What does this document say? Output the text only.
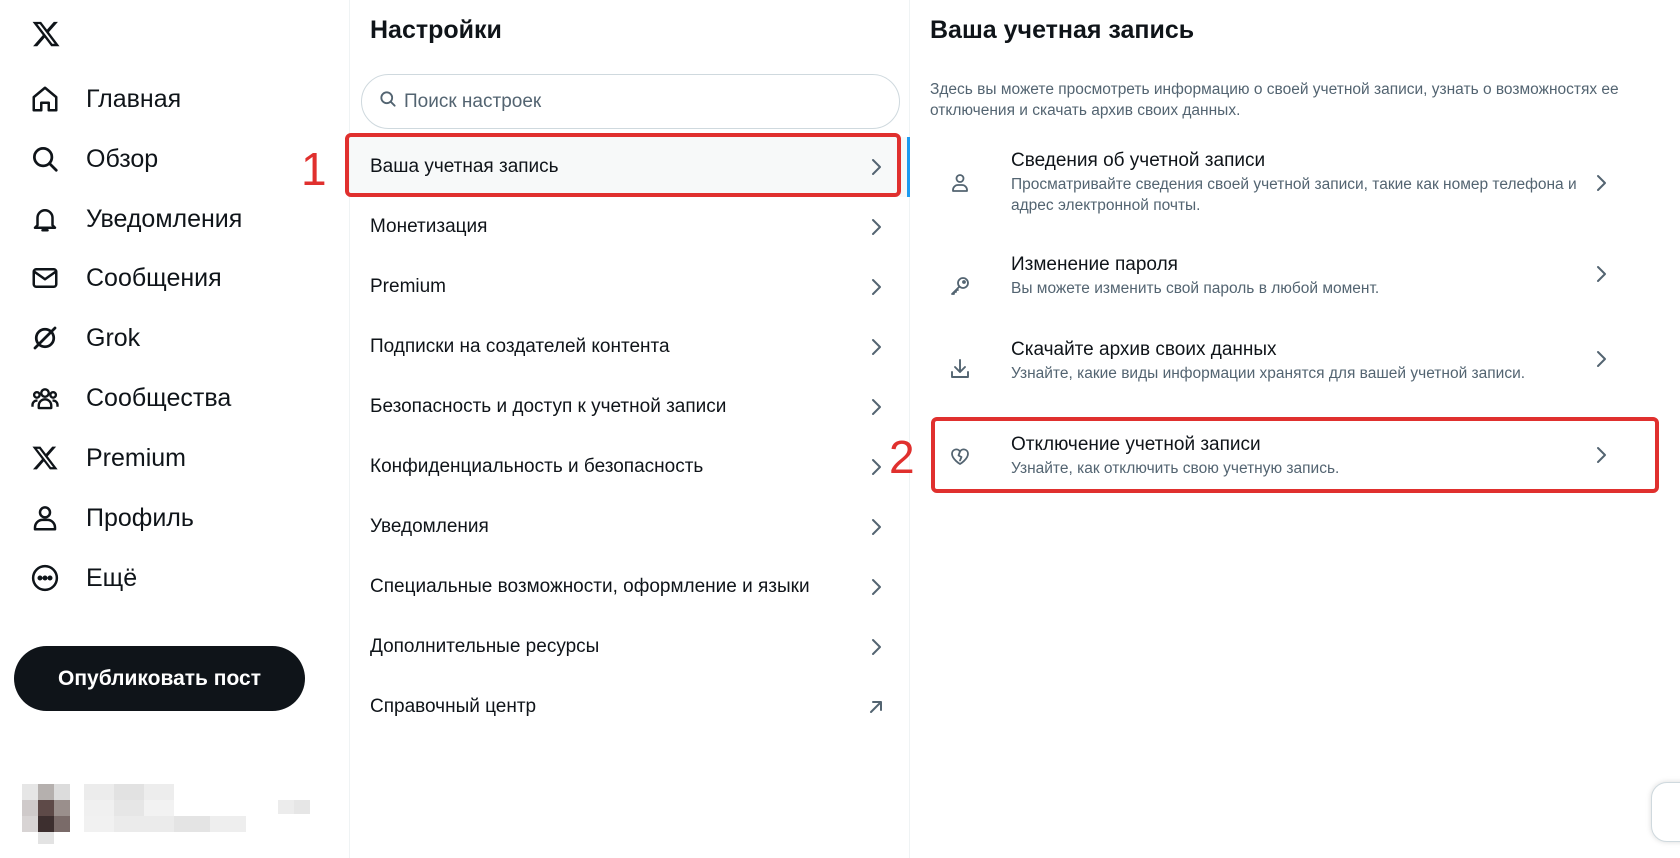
Главная
Обзор
Уведомления
Сообщения
Grok
Сообщества
Premium
Профиль
Ещё
Опубликовать пост
Настройки
Поиск настроек
Ваша учетная запись
Монетизация
Premium
Подписки на создателей контента
Безопасность и доступ к учетной записи
Конфиденциальность и безопасность
Уведомления
Специальные возможности, оформление и языки
Дополнительные ресурсы
Справочный центр
Ваша учетная запись

Здесь вы можете просмотреть информацию о своей учетной записи, узнать о возможностях ее отключения и скачать архив своих данных.

Сведения об учетной записи
Просматривайте сведения своей учетной записи, такие как номер телефона и адрес электронной почты.
Изменение пароля
Вы можете изменить свой пароль в любой момент.
Скачайте архив своих данных
Узнайте, какие виды информации хранятся для вашей учетной записи.
Отключение учетной записи
Узнайте, как отключить свою учетную запись.
1
2
